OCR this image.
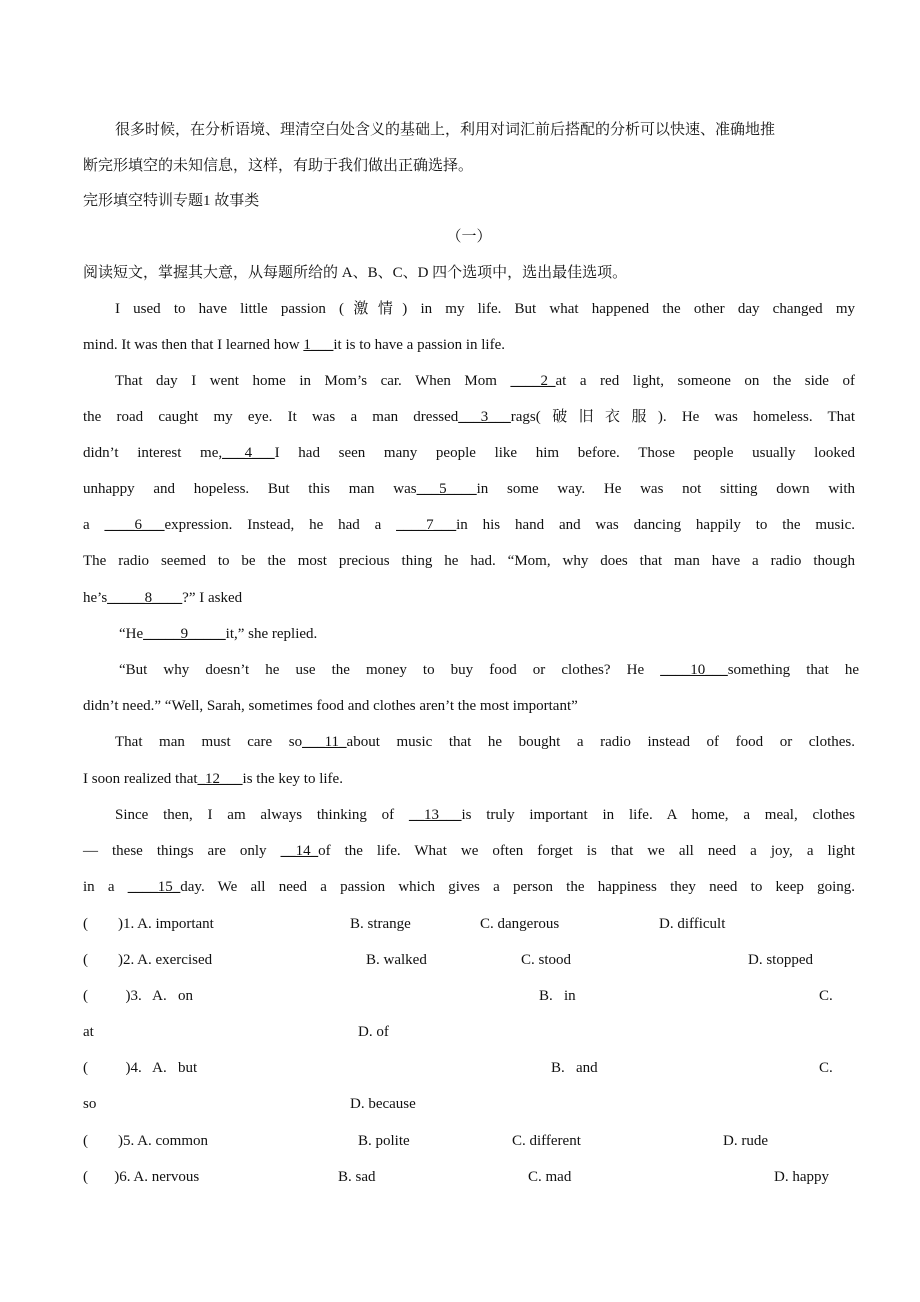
很多时候，在分析语境、理清空白处含义的基础上，利用对词汇前后搭配的分析可以快速、准确地推
断完形填空的未知信息，这样，有助于我们做出正确选择。
完形填空特训专题1 故事类
（一）
阅读短文，掌握其大意，从每题所给的 A、B、C、D 四个选项中，选出最佳选项。
I used to have little passion (激情) in my life. But what happened the other day changed my
mind. It was then that I learned how 1___it is to have a passion in life.
That day I went home in Mom’s car. When Mom ____2_at a red light, someone on the side of
the road caught my eye. It was a man dressed___3___rags(破旧衣服). He was homeless. That
didn’t interest me,___4___I had seen many people like him before. Those people usually looked
unhappy and hopeless. But this man was___5____in some way. He was not sitting down with
a ____6___expression. Instead, he had a ____7___in his hand and was dancing happily to the music.
The radio seemed to be the most precious thing he had. “Mom, why does that man have a radio though
he’s_____8____?” I asked
“He_____9_____it,” she replied.
“But why doesn’t he use the money to buy food or clothes? He ____10___something that he
didn’t need.” “Well, Sarah, sometimes food and clothes aren’t the most important”
That man must care so___11_about music that he bought a radio instead of food or clothes.
I soon realized that_12___is the key to life.
Since then, I am always thinking of __13___is truly important in life. A home, a meal, clothes
— these things are only __14_of the life. What we often forget is that we all need a joy, a light
in a ____15_day. We all need a passion which gives a person the happiness they need to keep going.
(        )1. A. important	B. strange	C. dangerous	D. difficult
(        )2. A. exercised	B. walked	C. stood	D. stopped
(          )3.   A.   on	B.   in	C.
at	D. of
(          )4.   A.   but	B.   and	C.
so	D. because
(        )5. A. common	B. polite	C. different	D. rude
(       )6. A. nervous	B. sad	C. mad	D. happy
